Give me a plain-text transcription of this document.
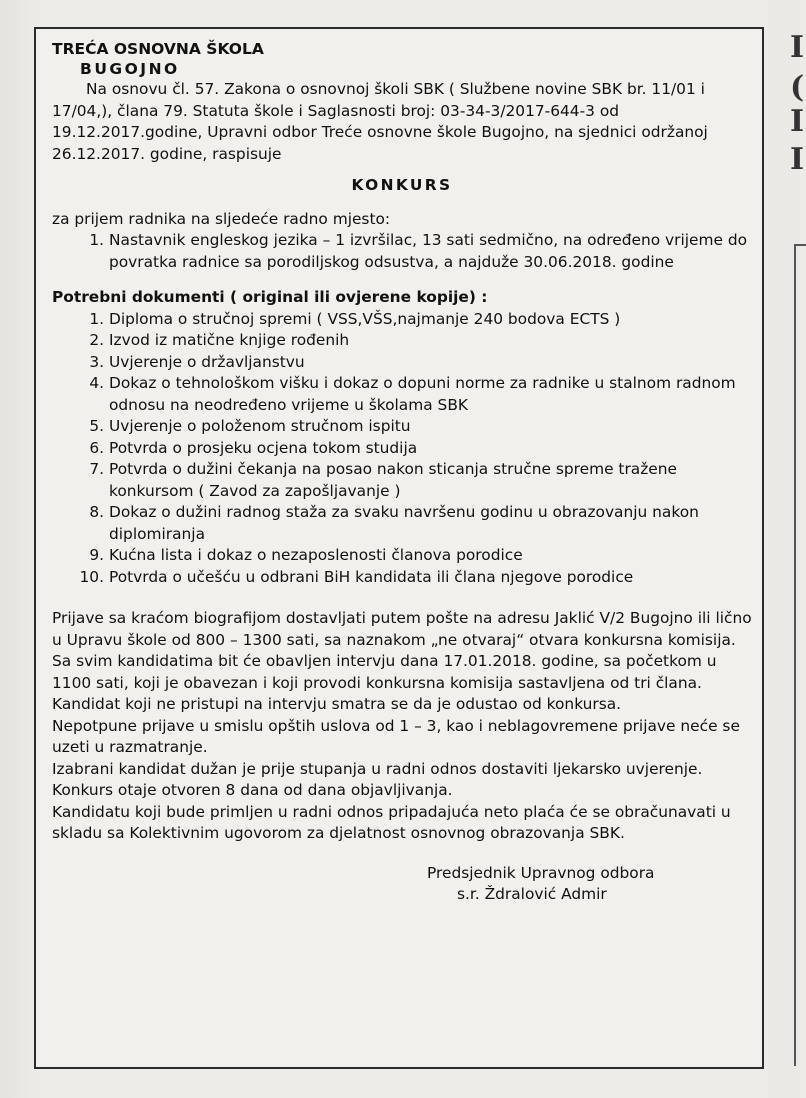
I
(
I
I
TREĆA OSNOVNA ŠKOLA
BUGOJNO

Na osnovu čl. 57. Zakona o osnovnoj školi SBK ( Službene novine SBK br. 11/01 i 17/04,), člana 79. Statuta škole i Saglasnosti broj: 03-34-3/2017-644-3 od 19.12.2017.godine, Upravni odbor Treće osnovne škole Bugojno, na sjednici održanoj 26.12.2017. godine, raspisuje

KONKURS

za prijem radnika na sljedeće radno mjesto:

1. Nastavnik engleskog jezika – 1 izvršilac, 13 sati sedmično, na određeno vrijeme do povratka radnice sa porodiljskog odsustva, a najduže 30.06.2018. godine
Potrebni dokumenti ( original ili ovjerene kopije) :
1. Diploma o stručnoj spremi ( VSS,VŠS,najmanje 240 bodova ECTS )
2. Izvod iz matične knjige rođenih
3. Uvjerenje o državljanstvu
4. Dokaz o tehnološkom višku i dokaz o dopuni norme za radnike u stalnom radnom odnosu na neodređeno vrijeme u školama SBK
5. Uvjerenje o položenom stručnom ispitu
6. Potvrda o prosjeku ocjena tokom studija
7. Potvrda o dužini čekanja na posao nakon sticanja stručne spreme tražene konkursom ( Zavod za zapošljavanje )
8. Dokaz o dužini radnog staža za svaku navršenu godinu u obrazovanju nakon diplomiranja
9. Kućna lista i dokaz o nezaposlenosti članova porodice
10. Potvrda o učešću u odbrani BiH kandidata ili člana njegove porodice

Prijave sa kraćom biografijom dostavljati putem pošte na adresu Jaklić V/2 Bugojno ili lično u Upravu škole od 800 – 1300 sati, sa naznakom „ne otvaraj“ otvara konkursna komisija.

Sa svim kandidatima bit će obavljen intervju dana 17.01.2018. godine, sa početkom u 1100 sati, koji je obavezan i koji provodi konkursna komisija sastavljena od tri člana. Kandidat koji ne pristupi na intervju smatra se da je odustao od konkursa.

Nepotpune prijave u smislu opštih uslova od 1 – 3, kao i neblagovremene prijave neće se uzeti u razmatranje.

Izabrani kandidat dužan je prije stupanja u radni odnos dostaviti ljekarsko uvjerenje.

Konkurs otaje otvoren 8 dana od dana objavljivanja.

Kandidatu koji bude primljen u radni odnos pripadajuća neto plaća će se obračunavati u skladu sa Kolektivnim ugovorom za djelatnost osnovnog obrazovanja SBK.

Predsjednik Upravnog odbora
s.r. Ždralović Admir
